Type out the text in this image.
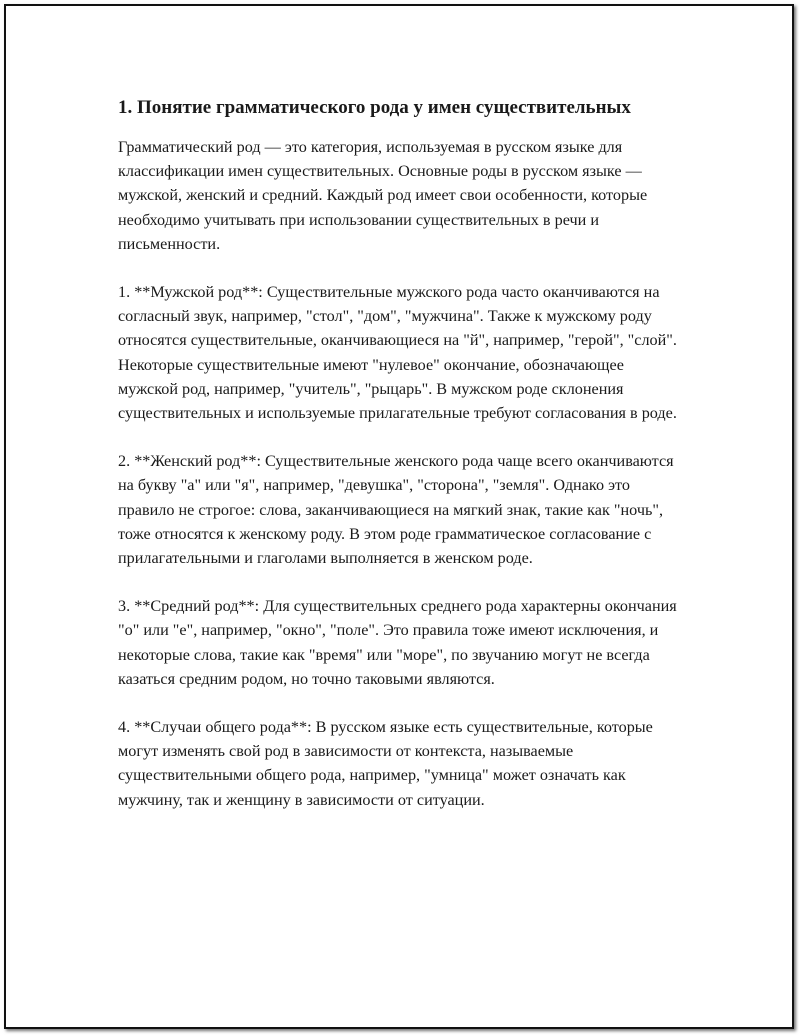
1. Понятие грамматического рода у имен существительных

Грамматический род — это категория, используемая в русском языке для классификации имен существительных. Основные роды в русском языке — мужской, женский и средний. Каждый род имеет свои особенности, которые необходимо учитывать при использовании существительных в речи и письменности.

1. **Мужской род**: Существительные мужского рода часто оканчиваются на согласный звук, например, "стол", "дом", "мужчина". Также к мужскому роду относятся существительные, оканчивающиеся на "й", например, "герой", "слой". Некоторые существительные имеют "нулевое" окончание, обозначающее мужской род, например, "учитель", "рыцарь". В мужском роде склонения существительных и используемые прилагательные требуют согласования в роде.

2. **Женский род**: Существительные женского рода чаще всего оканчиваются на букву "а" или "я", например, "девушка", "сторона", "земля". Однако это правило не строгое: слова, заканчивающиеся на мягкий знак, такие как "ночь", тоже относятся к женскому роду. В этом роде грамматическое согласование с прилагательными и глаголами выполняется в женском роде.

3. **Средний род**: Для существительных среднего рода характерны окончания "о" или "е", например, "окно", "поле". Это правила тоже имеют исключения, и некоторые слова, такие как "время" или "море", по звучанию могут не всегда казаться средним родом, но точно таковыми являются.

4. **Случаи общего рода**: В русском языке есть существительные, которые могут изменять свой род в зависимости от контекста, называемые существительными общего рода, например, "умница" может означать как мужчину, так и женщину в зависимости от ситуации.
